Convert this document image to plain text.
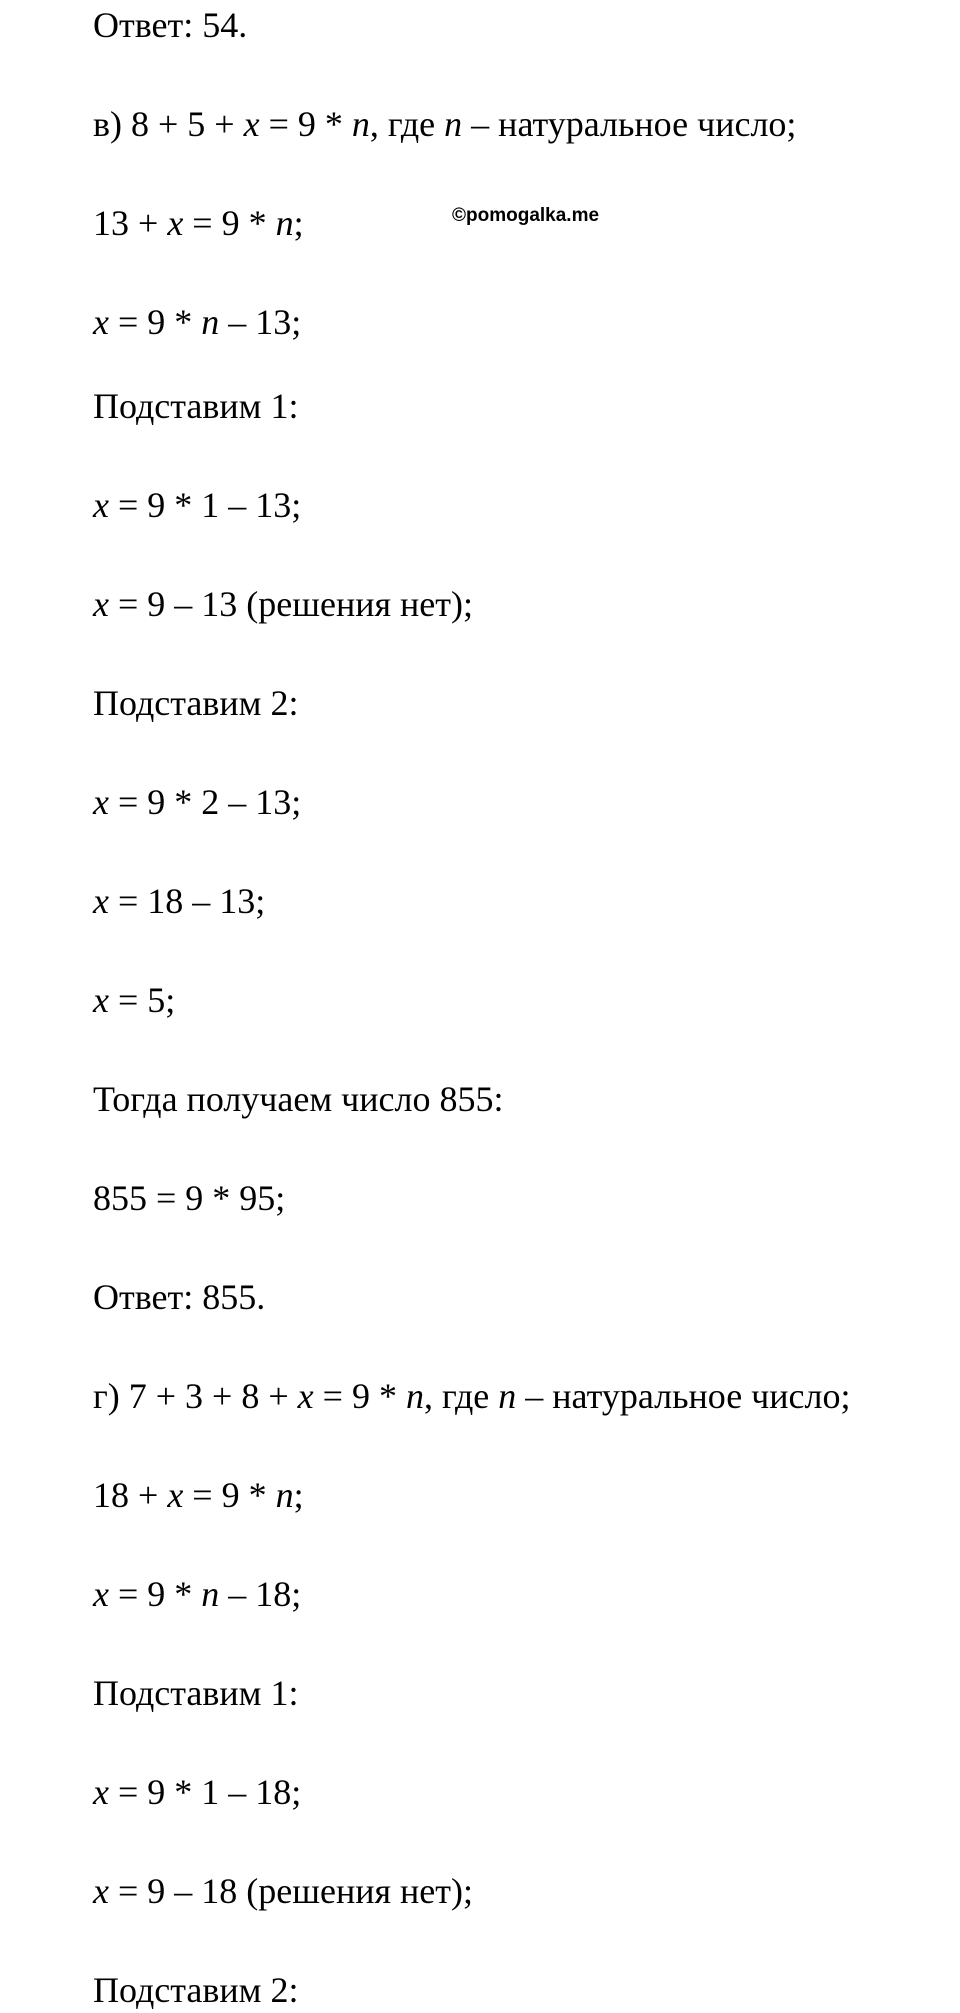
Ответ: 54.
в) 8 + 5 + x = 9 * n, где n – натуральное число;
13 + x = 9 * n;
x = 9 * n – 13;
Подставим 1:
x = 9 * 1 – 13;
x = 9 – 13 (решения нет);
Подставим 2:
x = 9 * 2 – 13;
x = 18 – 13;
x = 5;
Тогда получаем число 855:
855 = 9 * 95;
Ответ: 855.
г) 7 + 3 + 8 + x = 9 * n, где n – натуральное число;
18 + x = 9 * n;
x = 9 * n – 18;
Подставим 1:
x = 9 * 1 – 18;
x = 9 – 18 (решения нет);
Подставим 2:
©pomogalka.me
